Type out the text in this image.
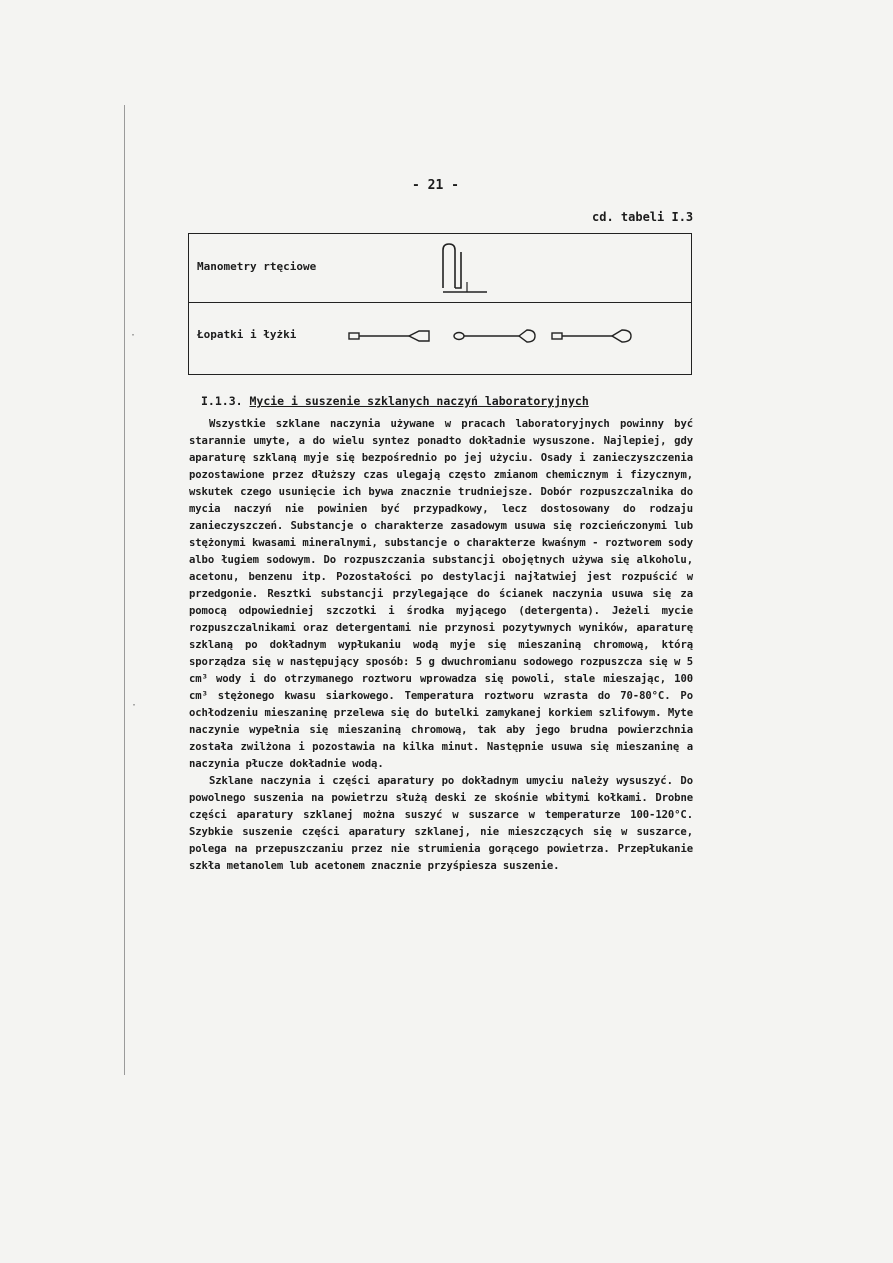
- 21 -
cd. tabeli I.3
Manometry rtęciowe
Łopatki i łyżki
I.1.3. Mycie i suszenie szklanych naczyń laboratoryjnych

Wszystkie szklane naczynia używane w pracach laboratoryjnych powinny być starannie umyte, a do wielu syntez ponadto dokładnie wysuszone. Najlepiej, gdy aparaturę szklaną myje się bezpośrednio po jej użyciu. Osady i zanieczyszczenia pozostawione przez dłuższy czas ulegają często zmianom chemicznym i fizycznym, wskutek czego usunięcie ich bywa znacznie trudniejsze. Dobór rozpuszczalnika do mycia naczyń nie powinien być przypadkowy, lecz dostosowany do rodzaju zanieczyszczeń. Substancje o charakterze zasadowym usuwa się rozcieńczonymi lub stężonymi kwasami mineralnymi, substancje o charakterze kwaśnym - roztworem sody albo ługiem sodowym. Do rozpuszczania substancji obojętnych używa się alkoholu, acetonu, benzenu itp. Pozostałości po destylacji najłatwiej jest rozpuścić w przedgonie. Resztki substancji przylegające do ścianek naczynia usuwa się za pomocą odpowiedniej szczotki i środka myjącego (detergenta). Jeżeli mycie rozpuszczalnikami oraz detergentami nie przynosi pozytywnych wyników, aparaturę szklaną po dokładnym wypłukaniu wodą myje się mieszaniną chromową, którą sporządza się w następujący sposób: 5 g dwuchromianu sodowego rozpuszcza się w 5 cm³ wody i do otrzymanego roztworu wprowadza się powoli, stale mieszając, 100 cm³ stężonego kwasu siarkowego. Temperatura roztworu wzrasta do 70-80°C. Po ochłodzeniu mieszaninę przelewa się do butelki zamykanej korkiem szlifowym. Myte naczynie wypełnia się mieszaniną chromową, tak aby jego brudna powierzchnia została zwilżona i pozostawia na kilka minut. Następnie usuwa się mieszaninę a naczynia płucze dokładnie wodą.

Szklane naczynia i części aparatury po dokładnym umyciu należy wysuszyć. Do powolnego suszenia na powietrzu służą deski ze skośnie wbitymi kołkami. Drobne części aparatury szklanej można suszyć w suszarce w temperaturze 100-120°C. Szybkie suszenie części aparatury szklanej, nie mieszczących się w suszarce, polega na przepuszczaniu przez nie strumienia gorącego powietrza. Przepłukanie szkła metanolem lub acetonem znacznie przyśpiesza suszenie.

·
·
